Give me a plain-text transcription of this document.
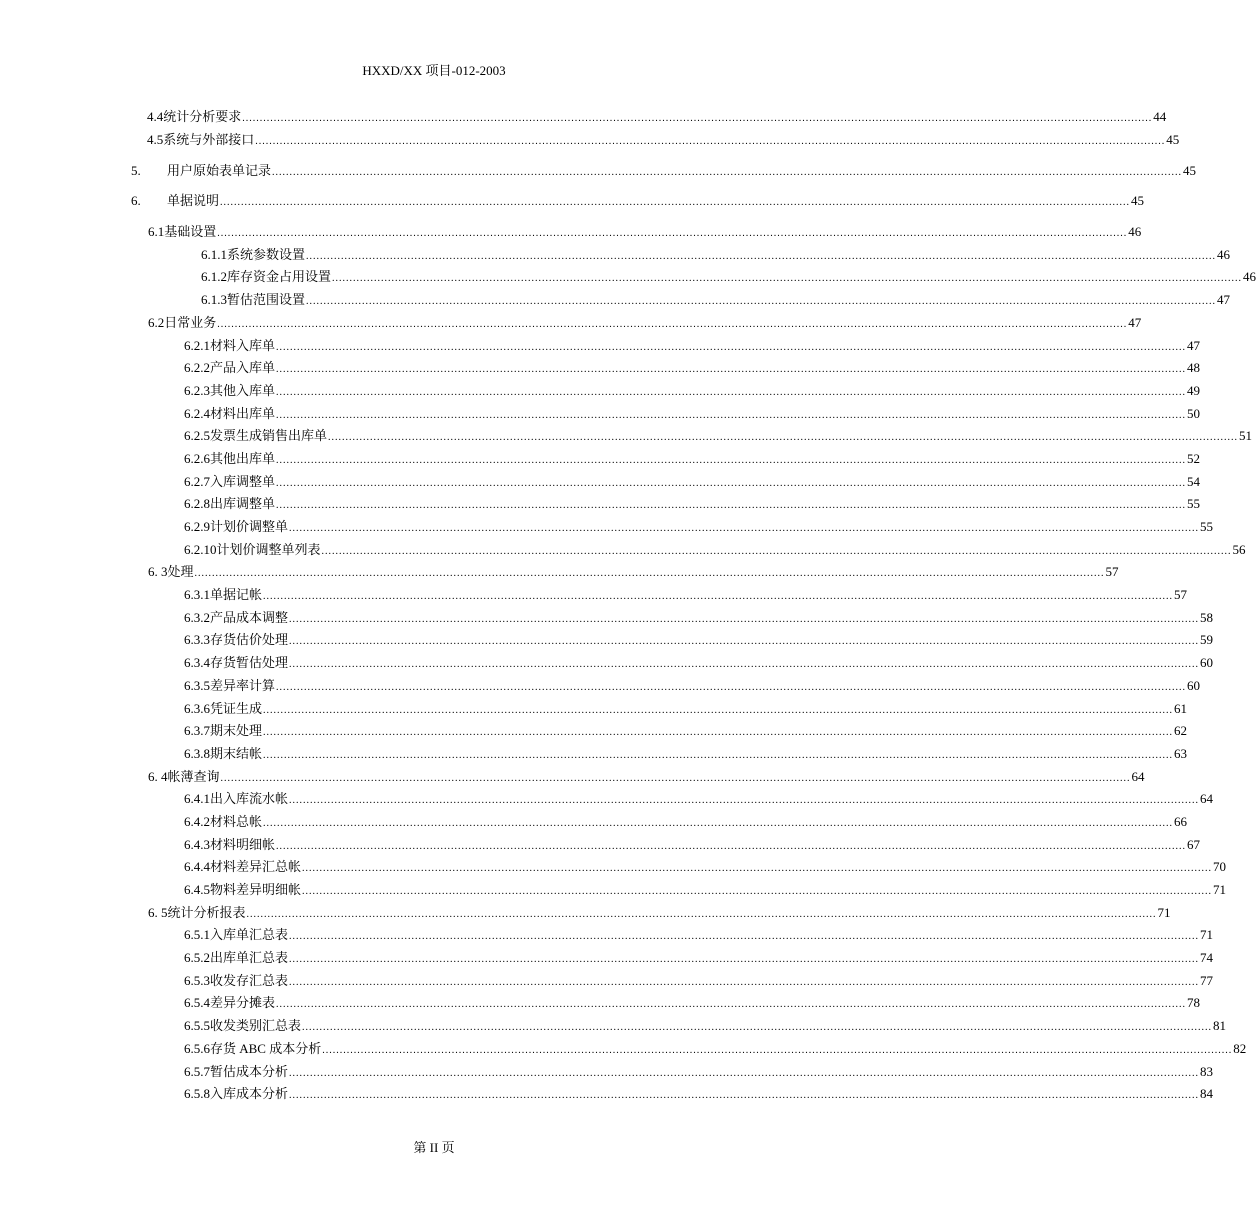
HXXD/XX 项目-012-2003
4.4统计分析要求 .................................................................................................................................................................................................................................................................... 44
4.5系统与外部接口 .................................................................................................................................................................................................................................................................... 45
5. 用户原始表单记录 .................................................................................................................................................................................................................................................................... 45
6. 单据说明 .................................................................................................................................................................................................................................................................... 45
6.1基础设置 .................................................................................................................................................................................................................................................................... 46
6.1.1系统参数设置 .................................................................................................................................................................................................................................................................... 46
6.1.2库存资金占用设置 .................................................................................................................................................................................................................................................................... 46
6.1.3暂估范围设置 .................................................................................................................................................................................................................................................................... 47
6.2日常业务 .................................................................................................................................................................................................................................................................... 47
6.2.1材料入库单 .................................................................................................................................................................................................................................................................... 47
6.2.2产品入库单 .................................................................................................................................................................................................................................................................... 48
6.2.3其他入库单 .................................................................................................................................................................................................................................................................... 49
6.2.4材料出库单 .................................................................................................................................................................................................................................................................... 50
6.2.5发票生成销售出库单 .................................................................................................................................................................................................................................................................... 51
6.2.6其他出库单 .................................................................................................................................................................................................................................................................... 52
6.2.7入库调整单 .................................................................................................................................................................................................................................................................... 54
6.2.8出库调整单 .................................................................................................................................................................................................................................................................... 55
6.2.9计划价调整单 .................................................................................................................................................................................................................................................................... 55
6.2.10计划价调整单列表 .................................................................................................................................................................................................................................................................... 56
6. 3处理 .................................................................................................................................................................................................................................................................... 57
6.3.1单据记帐 .................................................................................................................................................................................................................................................................... 57
6.3.2产品成本调整 .................................................................................................................................................................................................................................................................... 58
6.3.3存货估价处理 .................................................................................................................................................................................................................................................................... 59
6.3.4存货暂估处理 .................................................................................................................................................................................................................................................................... 60
6.3.5差异率计算 .................................................................................................................................................................................................................................................................... 60
6.3.6凭证生成 .................................................................................................................................................................................................................................................................... 61
6.3.7期末处理 .................................................................................................................................................................................................................................................................... 62
6.3.8期末结帐 .................................................................................................................................................................................................................................................................... 63
6. 4帐薄查询 .................................................................................................................................................................................................................................................................... 64
6.4.1出入库流水帐 .................................................................................................................................................................................................................................................................... 64
6.4.2材料总帐 .................................................................................................................................................................................................................................................................... 66
6.4.3材料明细帐 .................................................................................................................................................................................................................................................................... 67
6.4.4材料差异汇总帐 .................................................................................................................................................................................................................................................................... 70
6.4.5物料差异明细帐 .................................................................................................................................................................................................................................................................... 71
6. 5统计分析报表 .................................................................................................................................................................................................................................................................... 71
6.5.1入库单汇总表 .................................................................................................................................................................................................................................................................... 71
6.5.2出库单汇总表 .................................................................................................................................................................................................................................................................... 74
6.5.3收发存汇总表 .................................................................................................................................................................................................................................................................... 77
6.5.4差异分摊表 .................................................................................................................................................................................................................................................................... 78
6.5.5收发类别汇总表 .................................................................................................................................................................................................................................................................... 81
6.5.6存货 ABC 成本分析 .................................................................................................................................................................................................................................................................... 82
6.5.7暂估成本分析 .................................................................................................................................................................................................................................................................... 83
6.5.8入库成本分析 .................................................................................................................................................................................................................................................................... 84
第 II 页
